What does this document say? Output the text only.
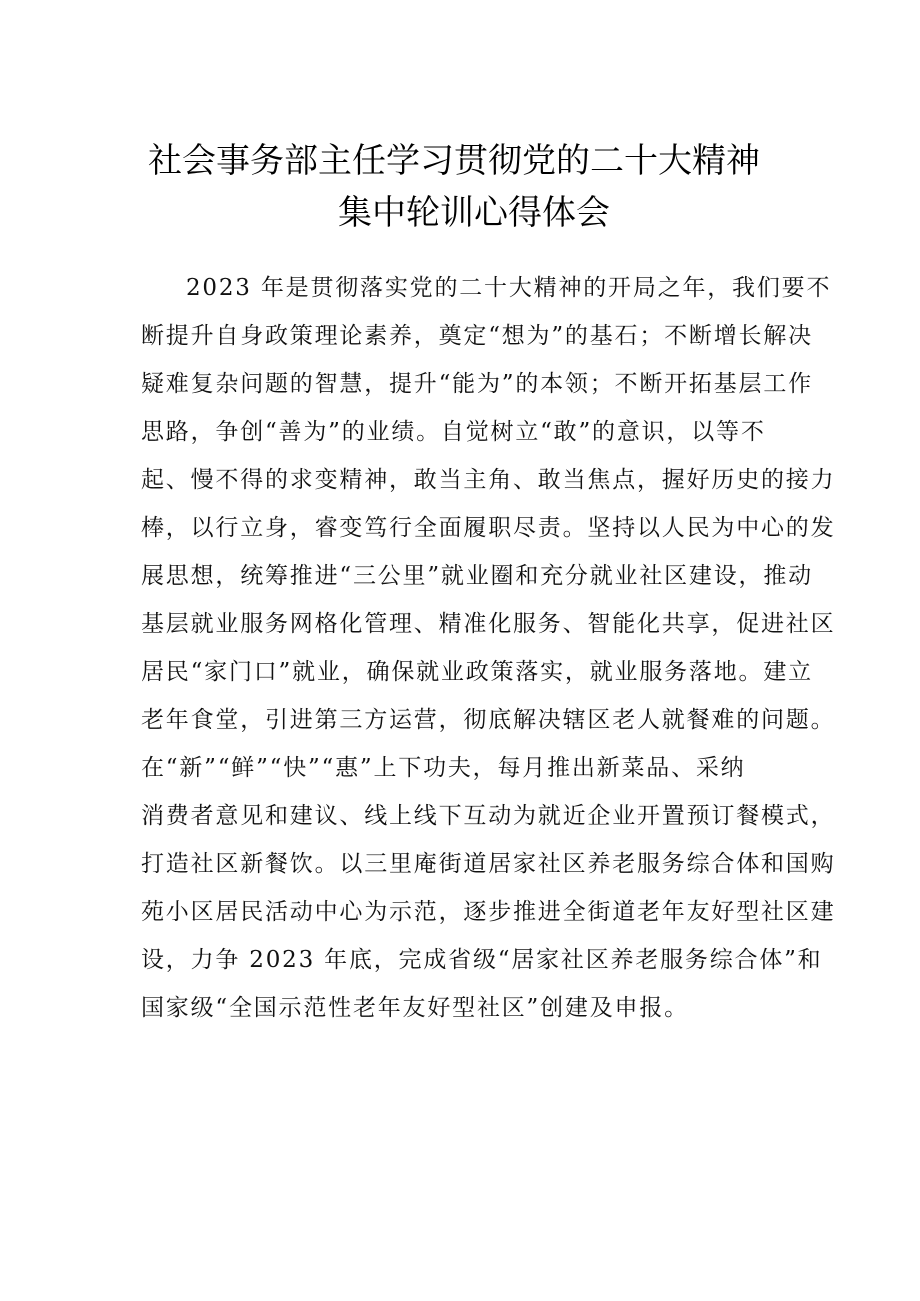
社会事务部主任学习贯彻党的二十大精神
集中轮训心得体会
2023 年是贯彻落实党的二十大精神的开局之年，我们要不
断提升自身政策理论素养，奠定“想为”的基石；不断增长解决
疑难复杂问题的智慧，提升“能为”的本领；不断开拓基层工作
思路，争创“善为”的业绩。自觉树立“敢”的意识，以等不
起、慢不得的求变精神，敢当主角、敢当焦点，握好历史的接力
棒，以行立身，睿变笃行全面履职尽责。坚持以人民为中心的发
展思想，统筹推进“三公里”就业圈和充分就业社区建设，推动
基层就业服务网格化管理、精准化服务、智能化共享，促进社区
居民“家门口”就业，确保就业政策落实，就业服务落地。建立
老年食堂，引进第三方运营，彻底解决辖区老人就餐难的问题。
在“新”“鲜”“快”“惠”上下功夫，每月推出新菜品、采纳
消费者意见和建议、线上线下互动为就近企业开置预订餐模式，
打造社区新餐饮。以三里庵街道居家社区养老服务综合体和国购
苑小区居民活动中心为示范，逐步推进全街道老年友好型社区建
设，力争 2023 年底，完成省级“居家社区养老服务综合体”和
国家级“全国示范性老年友好型社区”创建及申报。
